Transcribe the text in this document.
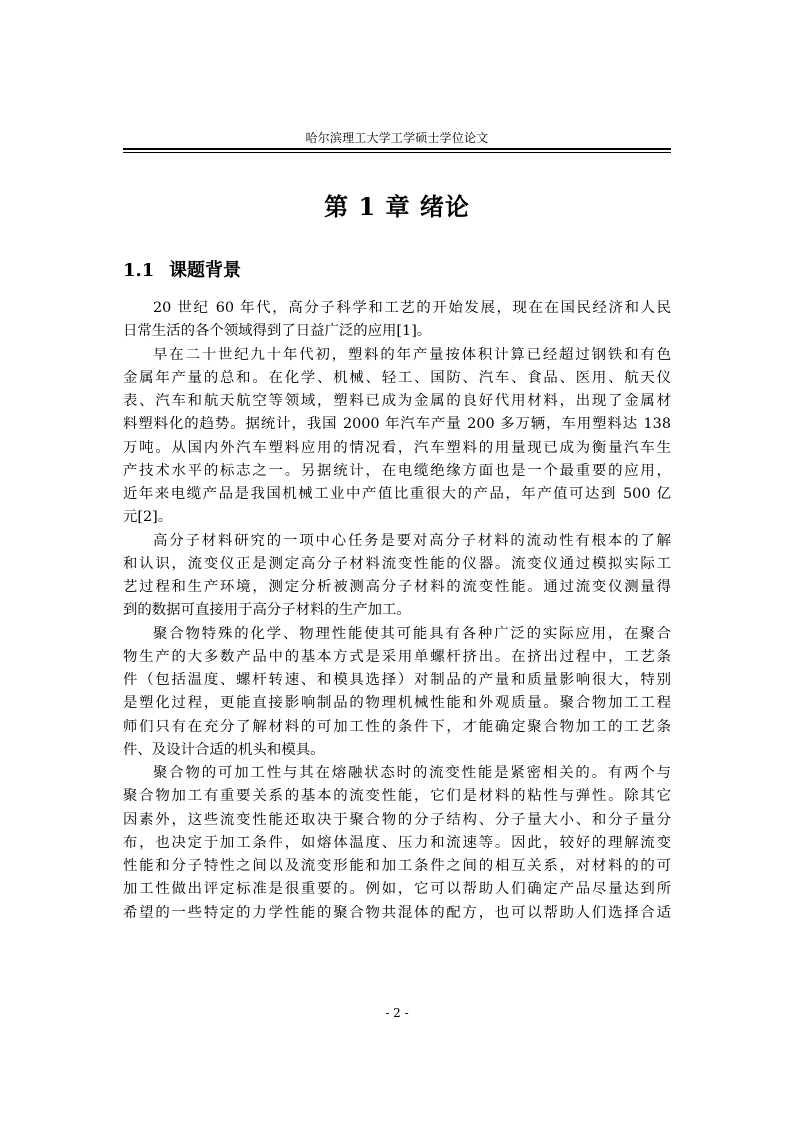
哈尔滨理工大学工学硕士学位论文
第 1 章 绪论
1.1 课题背景
20 世纪 60 年代，高分子科学和工艺的开始发展，现在在国民经济和人民
日常生活的各个领域得到了日益广泛的应用[1]。
早在二十世纪九十年代初，塑料的年产量按体积计算已经超过钢铁和有色
金属年产量的总和。在化学、机械、轻工、国防、汽车、食品、医用、航天仪
表、汽车和航天航空等领域，塑料已成为金属的良好代用材料，出现了金属材
料塑料化的趋势。据统计，我国 2000 年汽车产量 200 多万辆，车用塑料达 138
万吨。从国内外汽车塑料应用的情况看，汽车塑料的用量现已成为衡量汽车生
产技术水平的标志之一。另据统计，在电缆绝缘方面也是一个最重要的应用，
近年来电缆产品是我国机械工业中产值比重很大的产品，年产值可达到 500 亿
元[2]。
高分子材料研究的一项中心任务是要对高分子材料的流动性有根本的了解
和认识，流变仪正是测定高分子材料流变性能的仪器。流变仪通过模拟实际工
艺过程和生产环境，测定分析被测高分子材料的流变性能。通过流变仪测量得
到的数据可直接用于高分子材料的生产加工。
聚合物特殊的化学、物理性能使其可能具有各种广泛的实际应用，在聚合
物生产的大多数产品中的基本方式是采用单螺杆挤出。在挤出过程中，工艺条
件（包括温度、螺杆转速、和模具选择）对制品的产量和质量影响很大，特别
是塑化过程，更能直接影响制品的物理机械性能和外观质量。聚合物加工工程
师们只有在充分了解材料的可加工性的条件下，才能确定聚合物加工的工艺条
件、及设计合适的机头和模具。
聚合物的可加工性与其在熔融状态时的流变性能是紧密相关的。有两个与
聚合物加工有重要关系的基本的流变性能，它们是材料的粘性与弹性。除其它
因素外，这些流变性能还取决于聚合物的分子结构、分子量大小、和分子量分
布，也决定于加工条件，如熔体温度、压力和流速等。因此，较好的理解流变
性能和分子特性之间以及流变形能和加工条件之间的相互关系，对材料的的可
加工性做出评定标准是很重要的。例如，它可以帮助人们确定产品尽量达到所
希望的一些特定的力学性能的聚合物共混体的配方，也可以帮助人们选择合适
- 2 -
